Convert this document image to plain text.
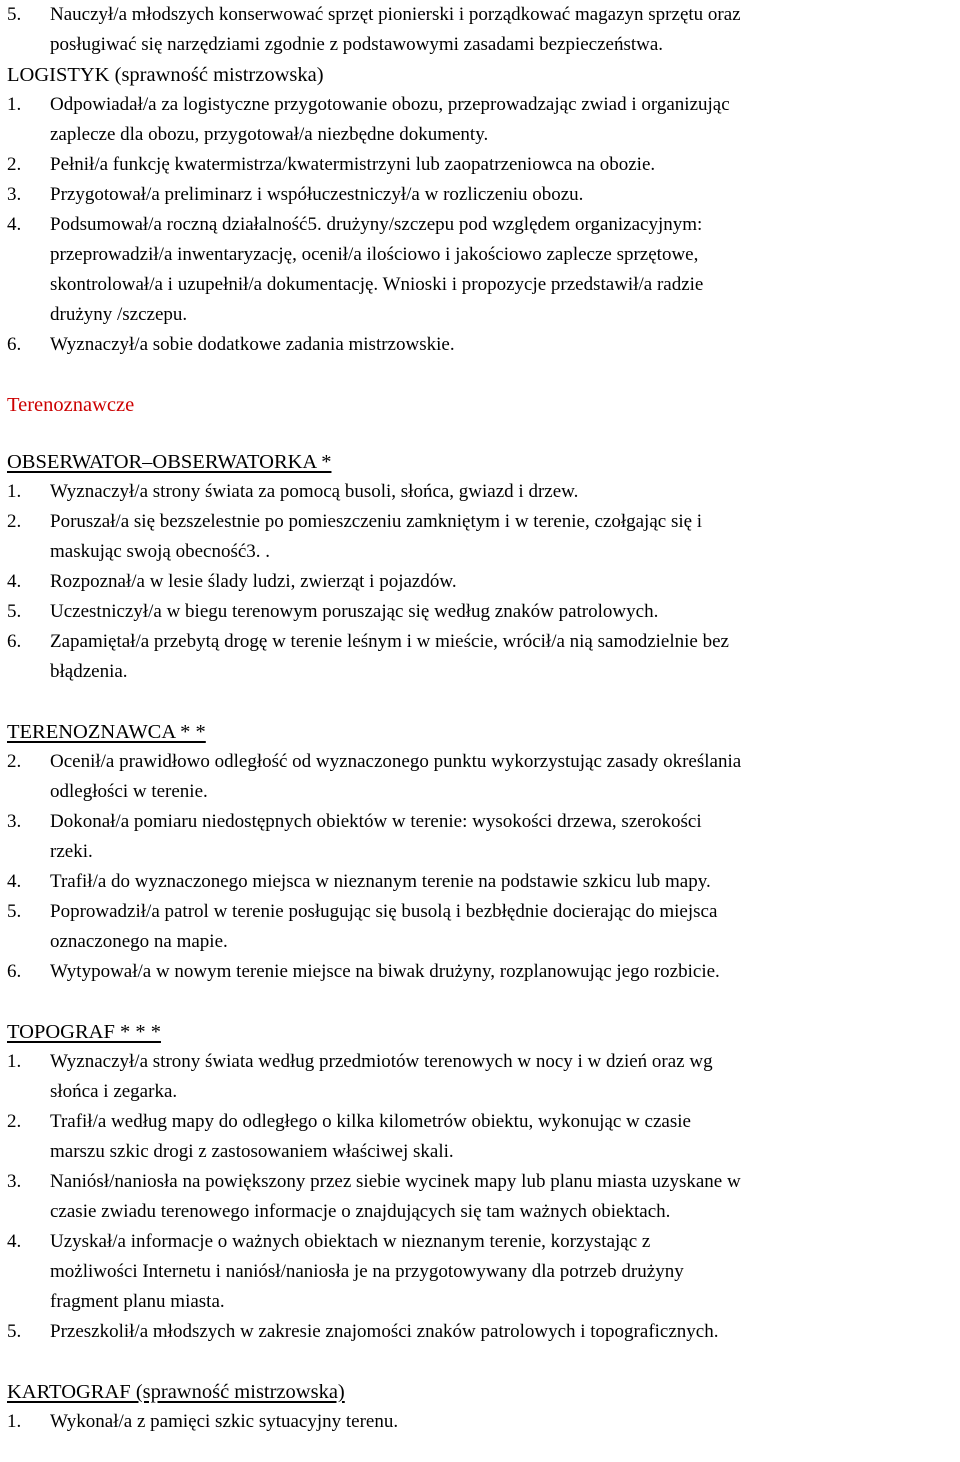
5. Nauczył/a młodszych konserwować sprzęt pionierski i porządkować magazyn sprzętu oraz
posługiwać się narzędziami zgodnie z podstawowymi zasadami bezpieczeństwa.
LOGISTYK (sprawność mistrzowska)
1. Odpowiadał/a za logistyczne przygotowanie obozu, przeprowadzając zwiad i organizując
zaplecze dla obozu, przygotował/a niezbędne dokumenty.
2. Pełnił/a funkcję kwatermistrza/kwatermistrzyni lub zaopatrzeniowca na obozie.
3. Przygotował/a preliminarz i współuczestniczył/a w rozliczeniu obozu.
4. Podsumował/a roczną działalność5. drużyny/szczepu pod względem organizacyjnym:
przeprowadził/a inwentaryzację, ocenił/a ilościowo i jakościowo zaplecze sprzętowe,
skontrolował/a i uzupełnił/a dokumentację. Wnioski i propozycje przedstawił/a radzie
drużyny /szczepu.
6. Wyznaczył/a sobie dodatkowe zadania mistrzowskie.
Terenoznawcze
OBSERWATOR–OBSERWATORKA *
1. Wyznaczył/a strony świata za pomocą busoli, słońca, gwiazd i drzew.
2. Poruszał/a się bezszelestnie po pomieszczeniu zamkniętym i w terenie, czołgając się i
maskując swoją obecność3. .
4. Rozpoznał/a w lesie ślady ludzi, zwierząt i pojazdów.
5. Uczestniczył/a w biegu terenowym poruszając się według znaków patrolowych.
6. Zapamiętał/a przebytą drogę w terenie leśnym i w mieście, wrócił/a nią samodzielnie bez
błądzenia.
TERENOZNAWCA * *
2. Ocenił/a prawidłowo odległość od wyznaczonego punktu wykorzystując zasady określania
odległości w terenie.
3. Dokonał/a pomiaru niedostępnych obiektów w terenie: wysokości drzewa, szerokości
rzeki.
4. Trafił/a do wyznaczonego miejsca w nieznanym terenie na podstawie szkicu lub mapy.
5. Poprowadził/a patrol w terenie posługując się busolą i bezbłędnie docierając do miejsca
oznaczonego na mapie.
6. Wytypował/a w nowym terenie miejsce na biwak drużyny, rozplanowując jego rozbicie.
TOPOGRAF * * *
1. Wyznaczył/a strony świata według przedmiotów terenowych w nocy i w dzień oraz wg
słońca i zegarka.
2. Trafił/a według mapy do odległego o kilka kilometrów obiektu, wykonując w czasie
marszu szkic drogi z zastosowaniem właściwej skali.
3. Naniósł/naniosła na powiększony przez siebie wycinek mapy lub planu miasta uzyskane w
czasie zwiadu terenowego informacje o znajdujących się tam ważnych obiektach.
4. Uzyskał/a informacje o ważnych obiektach w nieznanym terenie, korzystając z
możliwości Internetu i naniósł/naniosła je na przygotowywany dla potrzeb drużyny
fragment planu miasta.
5. Przeszkolił/a młodszych w zakresie znajomości znaków patrolowych i topograficznych.
KARTOGRAF (sprawność mistrzowska)
1. Wykonał/a z pamięci szkic sytuacyjny terenu.
